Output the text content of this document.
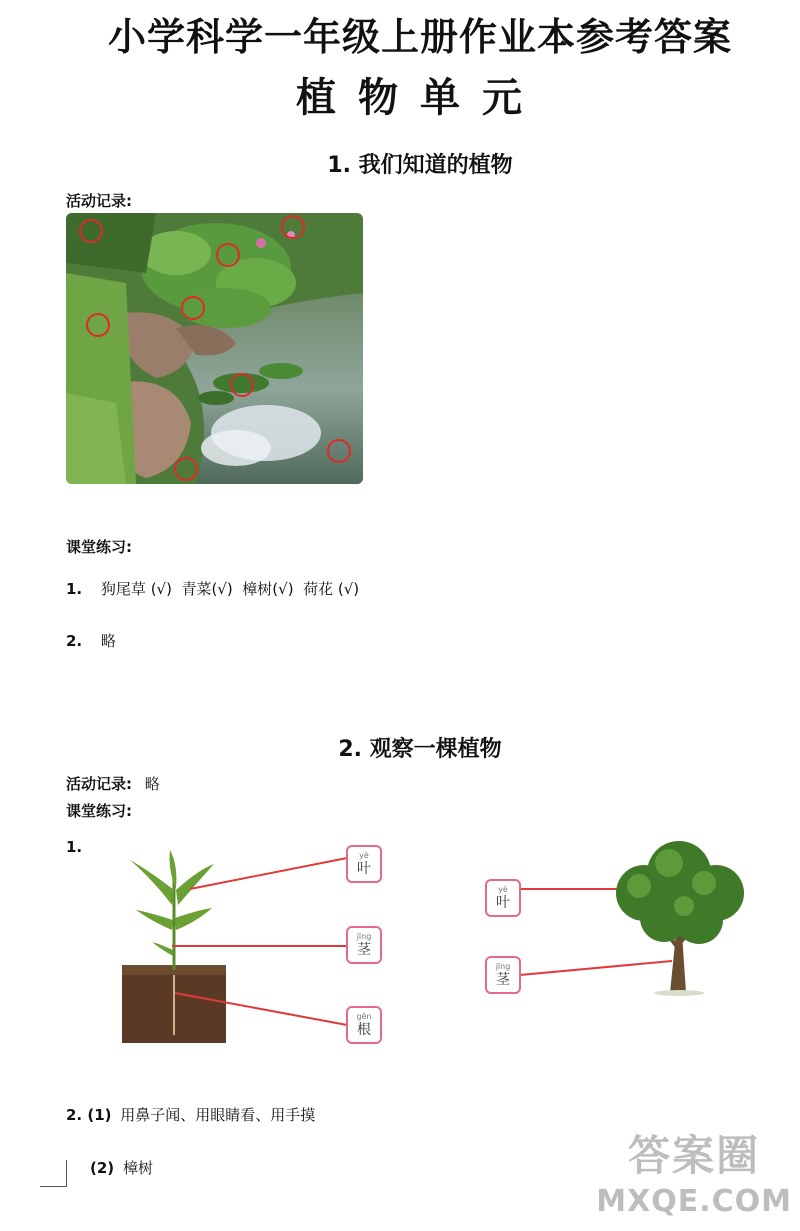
小学科学一年级上册作业本参考答案
植物单元
1. 我们知道的植物
活动记录:
课堂练习:
1. 狗尾草 (√)  青菜(√)  樟树(√)  荷花 (√)
2. 略
2. 观察一棵植物
活动记录: 略
课堂练习:
1.	yè
叶
jīng
茎
gēn
根
yè
叶
jīng
茎
2. (1) 用鼻子闻、用眼睛看、用手摸
(2) 樟树	答案圈
MXQE.COM
